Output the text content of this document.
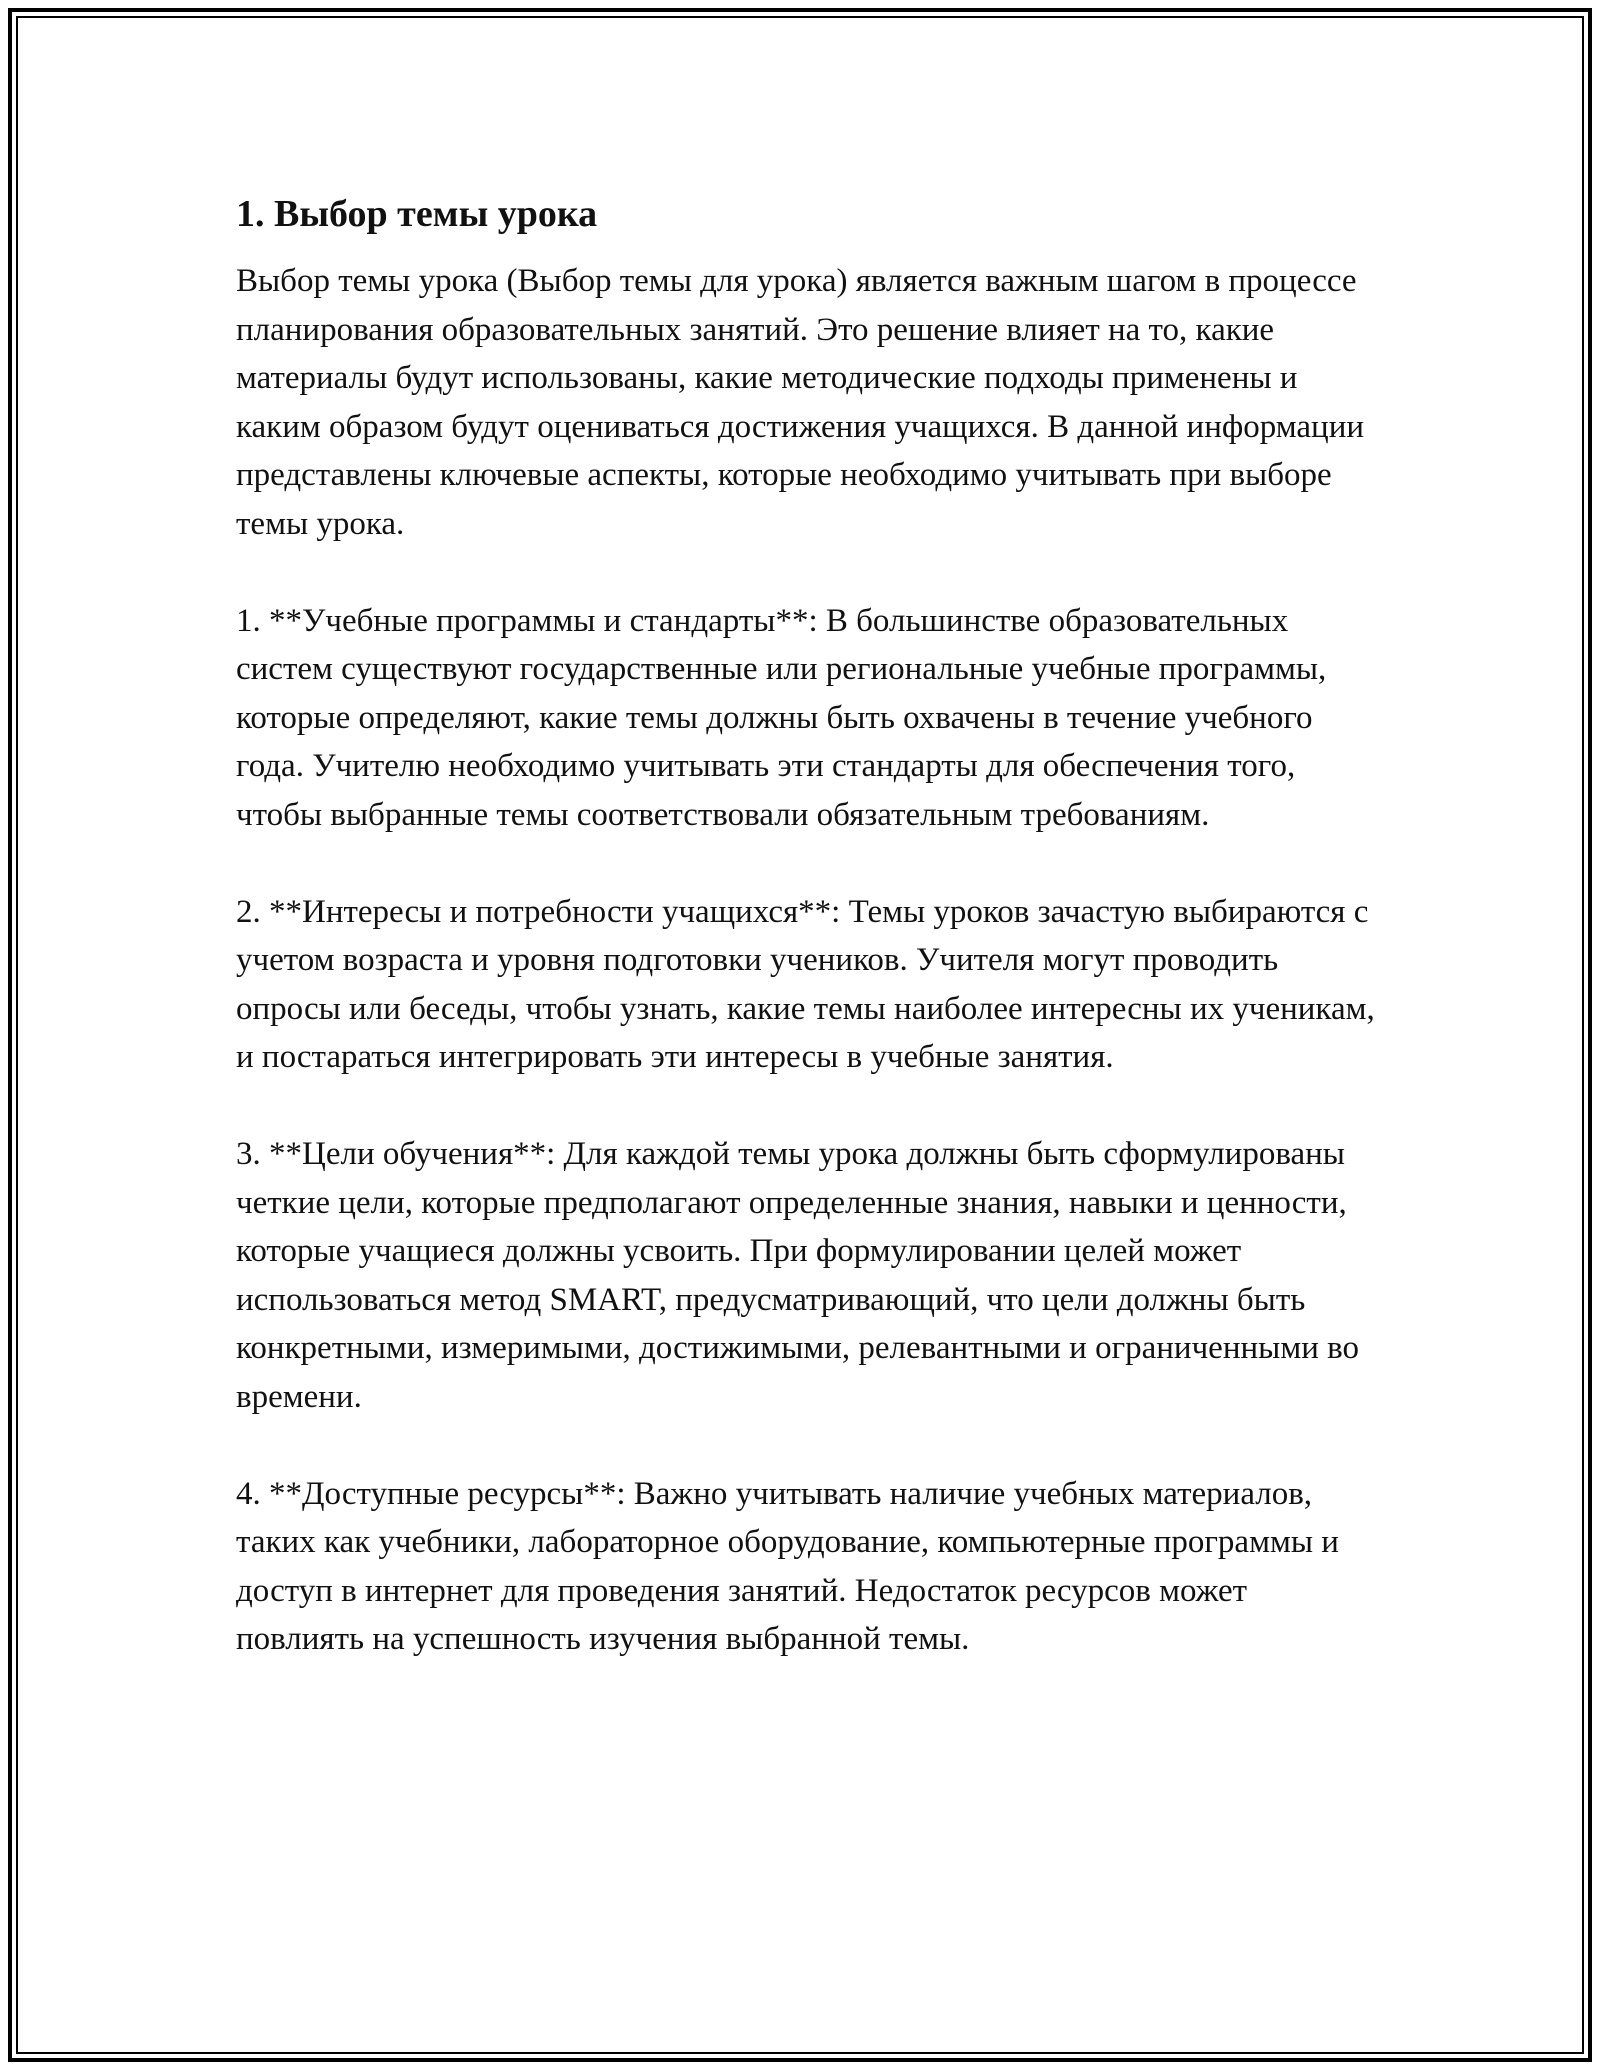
1. Выбор темы урока

Выбор темы урока (Выбор темы для урока) является важным шагом в процессе планирования образовательных занятий. Это решение влияет на то, какие материалы будут использованы, какие методические подходы применены и каким образом будут оцениваться достижения учащихся. В данной информации представлены ключевые аспекты, которые необходимо учитывать при выборе темы урока.

1. **Учебные программы и стандарты**: В большинстве образовательных систем существуют государственные или региональные учебные программы, которые определяют, какие темы должны быть охвачены в течение учебного года. Учителю необходимо учитывать эти стандарты для обеспечения того, чтобы выбранные темы соответствовали обязательным требованиям.

2. **Интересы и потребности учащихся**: Темы уроков зачастую выбираются с учетом возраста и уровня подготовки учеников. Учителя могут проводить опросы или беседы, чтобы узнать, какие темы наиболее интересны их ученикам, и постараться интегрировать эти интересы в учебные занятия.

3. **Цели обучения**: Для каждой темы урока должны быть сформулированы четкие цели, которые предполагают определенные знания, навыки и ценности, которые учащиеся должны усвоить. При формулировании целей может использоваться метод SMART, предусматривающий, что цели должны быть конкретными, измеримыми, достижимыми, релевантными и ограниченными во времени.

4. **Доступные ресурсы**: Важно учитывать наличие учебных материалов, таких как учебники, лабораторное оборудование, компьютерные программы и доступ в интернет для проведения занятий. Недостаток ресурсов может повлиять на успешность изучения выбранной темы.
